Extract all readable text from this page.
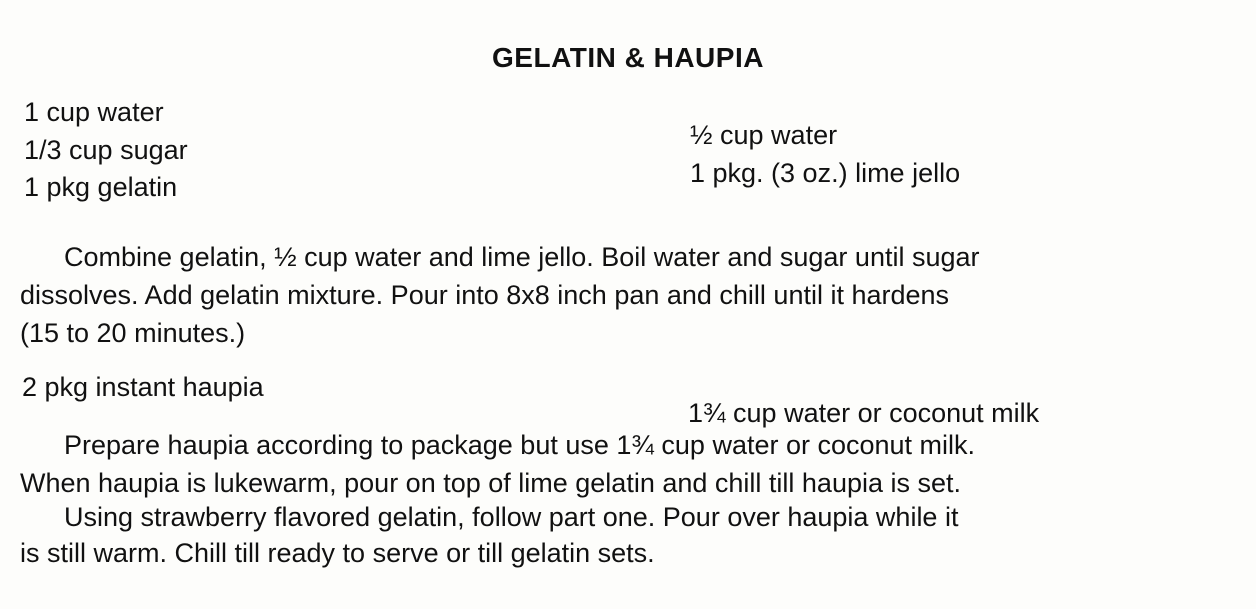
GELATIN & HAUPIA
1 cup water
1/3 cup sugar
1 pkg gelatin
½ cup water
1 pkg. (3 oz.) lime jello
Combine gelatin, ½ cup water and lime jello. Boil water and sugar until sugar
dissolves. Add gelatin mixture. Pour into 8x8 inch pan and chill until it hardens
(15 to 20 minutes.)
2 pkg instant haupia
1¾ cup water or coconut milk
Prepare haupia according to package but use 1¾ cup water or coconut milk.
When haupia is lukewarm, pour on top of lime gelatin and chill till haupia is set.
Using strawberry flavored gelatin, follow part one. Pour over haupia while it
is still warm. Chill till ready to serve or till gelatin sets.
